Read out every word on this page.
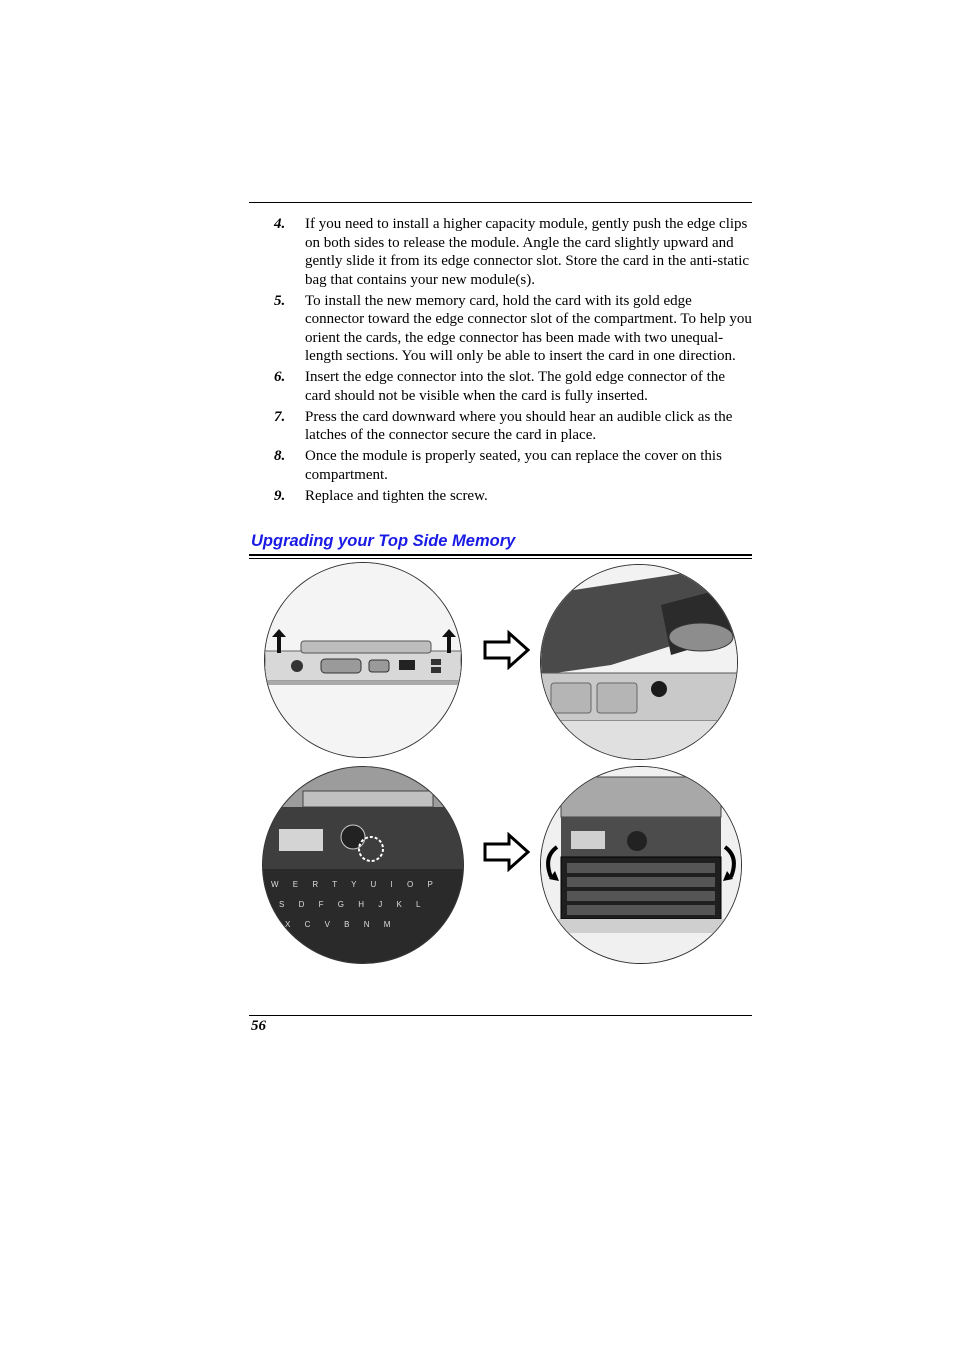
4. If you need to install a higher capacity module, gently push the edge clips on both sides to release the module. Angle the card slightly upward and gently slide it from its edge connector slot. Store the card in the anti-static bag that contains your new module(s).
5. To install the new memory card, hold the card with its gold edge connector toward the edge connector slot of the compartment. To help you orient the cards, the edge connector has been made with two unequal-length sections. You will only be able to insert the card in one direction.
6. Insert the edge connector into the slot. The gold edge connector of the card should not be visible when the card is fully inserted.
7. Press the card downward where you should hear an audible click as the latches of the connector secure the card in place.
8. Once the module is properly seated, you can replace the cover on this compartment.
9. Replace and tighten the screw.
Upgrading your Top Side Memory
W E R T Y U I O P
S D F G H J K L
X C V B N M
56
